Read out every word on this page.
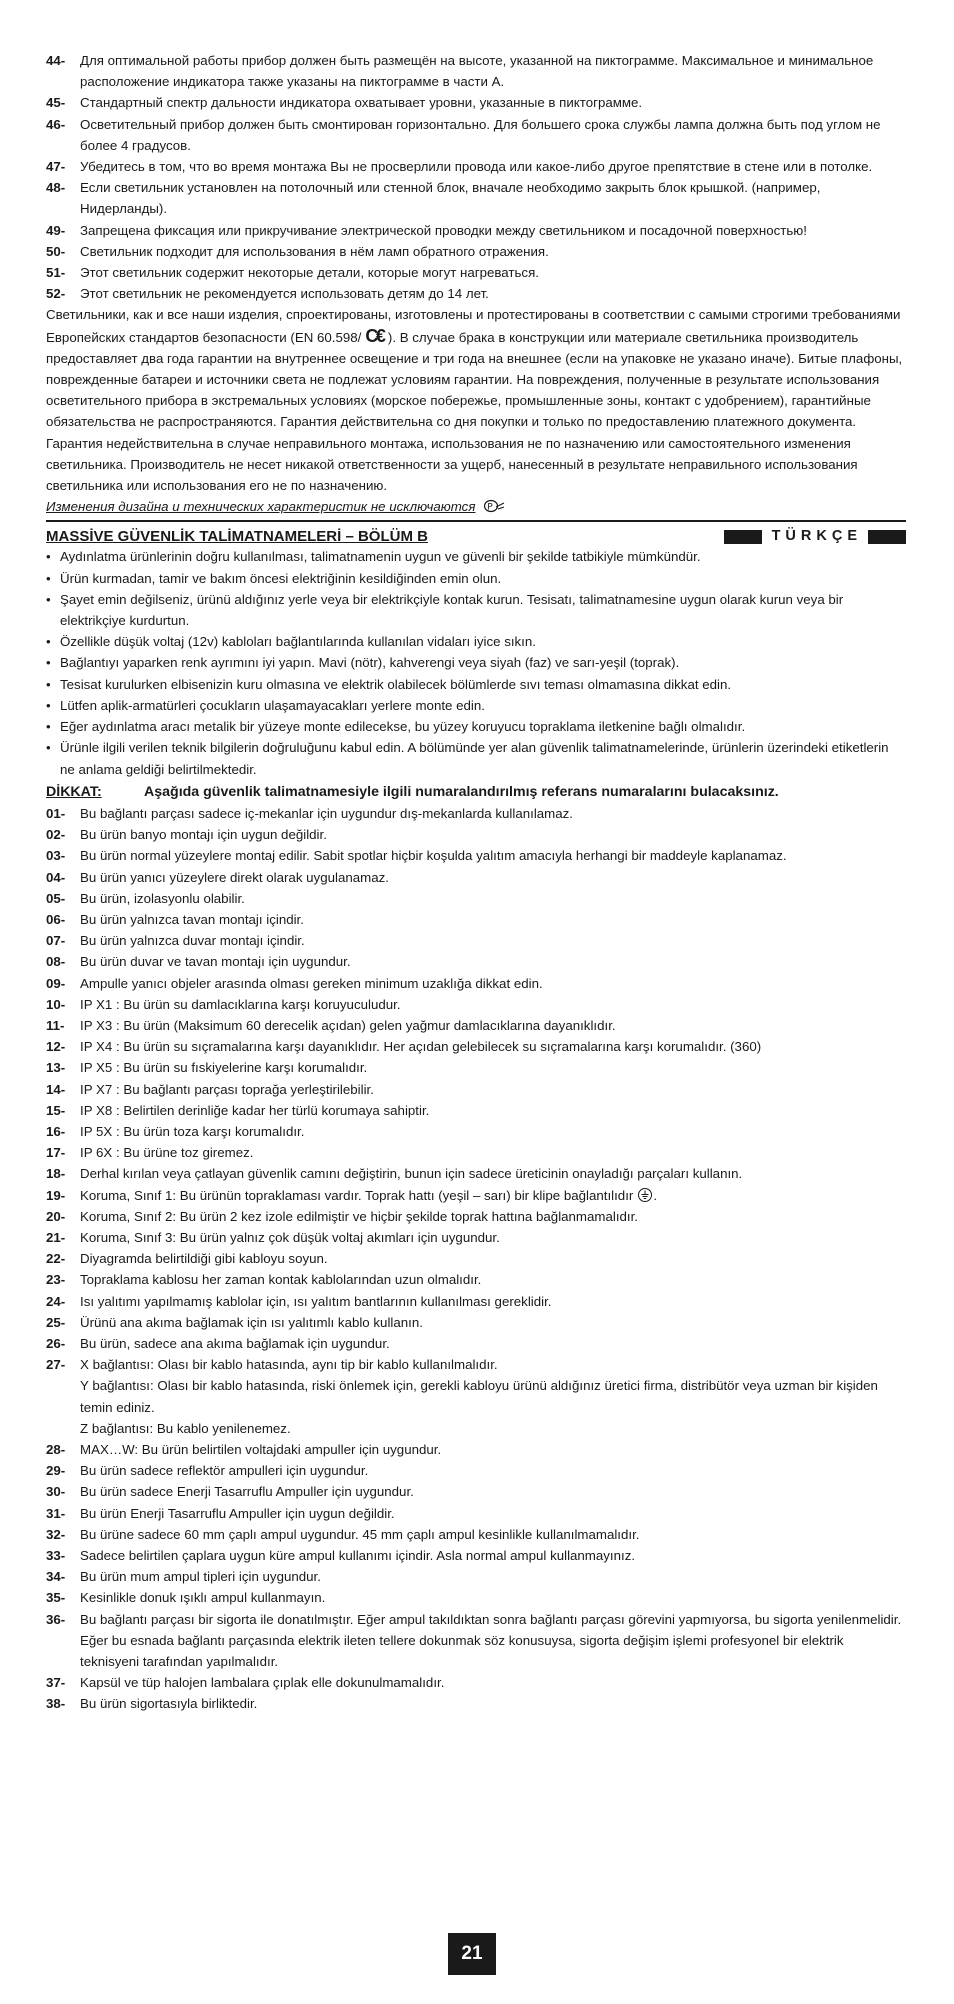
44-	Для оптимальной работы прибор должен быть размещён на высоте, указанной на пиктограмме. Максимальное и минимальное расположение индикатора также указаны на пиктограмме в части A.
45-	Стандартный спектр дальности индикатора охватывает уровни, указанные в пиктограмме.
46-	Осветительный прибор должен быть смонтирован горизонтально. Для большего срока службы лампа должна быть под углом не более 4 градусов.
47-	Убедитесь в том, что во время монтажа Вы не просверлили провода или какое-либо другое препятствие в стене или в потолке.
48-	Если светильник установлен на потолочный или стенной блок, вначале необходимо закрыть блок крышкой. (например, Нидерланды).
49-	Запрещена фиксация или прикручивание электрической проводки между светильником и посадочной поверхностью!
50-	Светильник подходит для использования в нём ламп обратного отражения.
51-	Этот светильник содержит некоторые детали, которые могут нагреваться.
52-	Этот светильник не рекомендуется использовать детям до 14 лет.

Светильники, как и все наши изделия, спроектированы, изготовлены и протестированы в соответствии с самыми строгими требованиями Европейских стандартов безопасности (EN 60.598/ C⁠ € ). В случае брака в конструкции или материале светильника производитель предоставляет два года гарантии на внутреннее освещение и три года на внешнее (если на упаковке не указано иначе). Битые плафоны, поврежденные батареи и источники света не подлежат условиям гарантии. На повреждения, полученные в результате использования осветительного прибора в экстремальных условиях (морское побережье, промышленные зоны, контакт с удобрением), гарантийные обязательства не распространяются. Гарантия действительна со дня покупки и только по предоставлению платежного документа. Гарантия недействительна в случае неправильного монтажа, использования не по назначению или самостоятельного изменения светильника. Производитель не несет никакой ответственности за ущерб, нанесенный в результате неправильного использования светильника или использования его не по назначению.

Изменения дизайна и технических характеристик не исключаются P
MASSİVE GÜVENLİK TALİMATNAMELERİ – BÖLÜM B	TÜRKÇE
• Aydınlatma ürünlerinin doğru kullanılması, talimatnamenin uygun ve güvenli bir şekilde tatbikiyle mümkündür.
• Ürün kurmadan, tamir ve bakım öncesi elektriğinin kesildiğinden emin olun.
• Şayet emin değilseniz, ürünü aldığınız yerle veya bir elektrikçiyle kontak kurun. Tesisatı, talimatnamesine uygun olarak kurun veya bir elektrikçiye kurdurtun.
• Özellikle düşük voltaj (12v) kabloları bağlantılarında kullanılan vidaları iyice sıkın.
• Bağlantıyı yaparken renk ayrımını iyi yapın. Mavi (nötr), kahverengi veya siyah (faz) ve sarı-yeşil (toprak).
• Tesisat kurulurken elbisenizin kuru olmasına ve elektrik olabilecek bölümlerde sıvı teması olmamasına dikkat edin.
• Lütfen aplik-armatürleri çocukların ulaşamayacakları yerlere monte edin.
• Eğer aydınlatma aracı metalik bir yüzeye monte edilecekse, bu yüzey koruyucu topraklama iletkenine bağlı olmalıdır.
• Ürünle ilgili verilen teknik bilgilerin doğruluğunu kabul edin. A bölümünde yer alan güvenlik talimatnamelerinde, ürünlerin üzerindeki etiketlerin ne anlama geldiği belirtilmektedir.
DİKKAT:	Aşağıda güvenlik talimatnamesiyle ilgili numaralandırılmış referans numaralarını bulacaksınız.
01-	Bu bağlantı parçası sadece iç-mekanlar için uygundur dış-mekanlarda kullanılamaz.
02-	Bu ürün banyo montajı için uygun değildir.
03-	Bu ürün normal yüzeylere montaj edilir. Sabit spotlar hiçbir koşulda yalıtım amacıyla herhangi bir maddeyle kaplanamaz.
04-	Bu ürün yanıcı yüzeylere direkt olarak uygulanamaz.
05-	Bu ürün, izolasyonlu olabilir.
06-	Bu ürün yalnızca tavan montajı içindir.
07-	Bu ürün yalnızca duvar montajı içindir.
08-	Bu ürün duvar ve tavan montajı için uygundur.
09-	Ampulle yanıcı objeler arasında olması gereken minimum uzaklığa dikkat edin.
10-	IP X1 : Bu ürün su damlacıklarına karşı koruyuculudur.
11-	IP X3 : Bu ürün (Maksimum 60 derecelik açıdan) gelen yağmur damlacıklarına dayanıklıdır.
12-	IP X4 : Bu ürün su sıçramalarına karşı dayanıklıdır. Her açıdan gelebilecek su sıçramalarına karşı korumalıdır. (360)
13-	IP X5 : Bu ürün su fıskiyelerine karşı korumalıdır.
14-	IP X7 : Bu bağlantı parçası toprağa yerleştirilebilir.
15-	IP X8 : Belirtilen derinliğe kadar her türlü korumaya sahiptir.
16-	IP 5X : Bu ürün toza karşı korumalıdır.
17-	IP 6X : Bu ürüne toz giremez.
18-	Derhal kırılan veya çatlayan güvenlik camını değiştirin, bunun için sadece üreticinin onayladığı parçaları kullanın.
19-	Koruma, Sınıf 1: Bu ürünün topraklaması vardır. Toprak hattı (yeşil – sarı) bir klipe bağlantılıdır .
20-	Koruma, Sınıf 2: Bu ürün 2 kez izole edilmiştir ve hiçbir şekilde toprak hattına bağlanmamalıdır.
21-	Koruma, Sınıf 3: Bu ürün yalnız çok düşük voltaj akımları için uygundur.
22-	Diyagramda belirtildiği gibi kabloyu soyun.
23-	Topraklama kablosu her zaman kontak kablolarından uzun olmalıdır.
24-	Isı yalıtımı yapılmamış kablolar için, ısı yalıtım bantlarının kullanılması gereklidir.
25-	Ürünü ana akıma bağlamak için ısı yalıtımlı kablo kullanın.
26-	Bu ürün, sadece ana akıma bağlamak için uygundur.
27-	X bağlantısı: Olası bir kablo hatasında, aynı tip bir kablo kullanılmalıdır.
Y bağlantısı: Olası bir kablo hatasında, riski önlemek için, gerekli kabloyu ürünü aldığınız üretici firma, distribütör veya uzman bir kişiden temin ediniz.
Z bağlantısı: Bu kablo yenilenemez.
28-	MAX…W: Bu ürün belirtilen voltajdaki ampuller için uygundur.
29-	Bu ürün sadece reflektör ampulleri için uygundur.
30-	Bu ürün sadece Enerji Tasarruflu Ampuller için uygundur.
31-	Bu ürün Enerji Tasarruflu Ampuller için uygun değildir.
32-	Bu ürüne sadece 60 mm çaplı ampul uygundur. 45 mm çaplı ampul kesinlikle kullanılmamalıdır.
33-	Sadece belirtilen çaplara uygun küre ampul kullanımı içindir. Asla normal ampul kullanmayınız.
34-	Bu ürün mum ampul tipleri için uygundur.
35-	Kesinlikle donuk ışıklı ampul kullanmayın.
36-	Bu bağlantı parçası bir sigorta ile donatılmıştır. Eğer ampul takıldıktan sonra bağlantı parçası görevini yapmıyorsa, bu sigorta yenilenmelidir. Eğer bu esnada bağlantı parçasında elektrik ileten tellere dokunmak söz konusuysa, sigorta değişim işlemi profesyonel bir elektrik teknisyeni tarafından yapılmalıdır.
37-	Kapsül ve tüp halojen lambalara çıplak elle dokunulmamalıdır.
38-	Bu ürün sigortasıyla birliktedir.
21
